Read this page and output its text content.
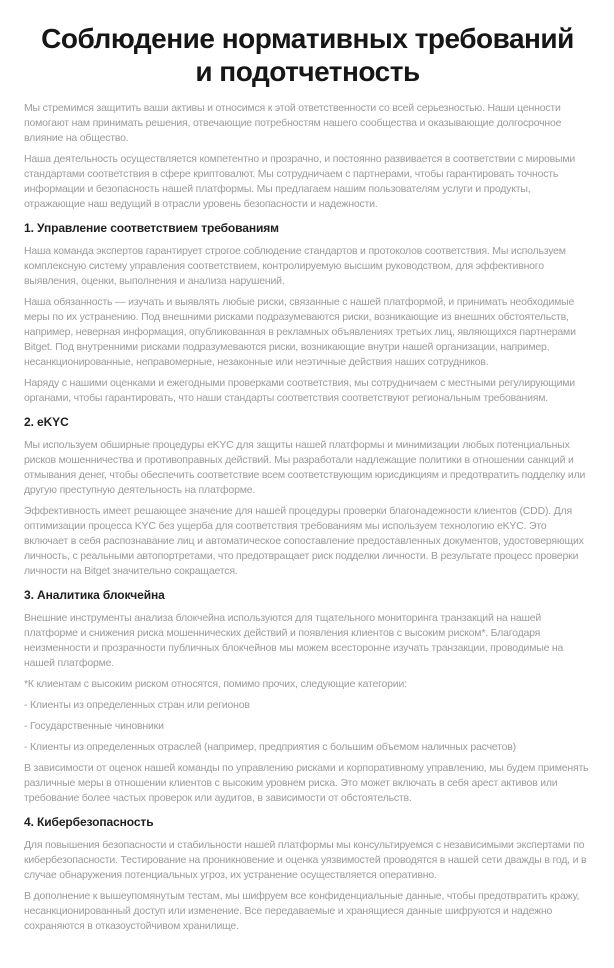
Соблюдение нормативных требований и подотчетность

Мы стремимся защитить ваши активы и относимся к этой ответственности со всей серьезностью. Наши ценности помогают нам принимать решения, отвечающие потребностям нашего сообщества и оказывающие долгосрочное влияние на общество.

Наша деятельность осуществляется компетентно и прозрачно, и постоянно развивается в соответствии с мировыми стандартами соответствия в сфере криптовалют. Мы сотрудничаем с партнерами, чтобы гарантировать точность информации и безопасность нашей платформы. Мы предлагаем нашим пользователям услуги и продукты, отражающие наш ведущий в отрасли уровень безопасности и надежности.

1. Управление соответствием требованиям

Наша команда экспертов гарантирует строгое соблюдение стандартов и протоколов соответствия. Мы используем комплексную систему управления соответствием, контролируемую высшим руководством, для эффективного выявления, оценки, выполнения и анализа нарушений.

Наша обязанность — изучать и выявлять любые риски, связанные с нашей платформой, и принимать необходимые меры по их устранению. Под внешними рисками подразумеваются риски, возникающие из внешних обстоятельств, например, неверная информация, опубликованная в рекламных объявлениях третьих лиц, являющихся партнерами Bitget. Под внутренними рисками подразумеваются риски, возникающие внутри нашей организации, например, несанкционированные, неправомерные, незаконные или неэтичные действия наших сотрудников.

Наряду с нашими оценками и ежегодными проверками соответствия, мы сотрудничаем с местными регулирующими органами, чтобы гарантировать, что наши стандарты соответствия соответствуют региональным требованиям.

2. eKYC

Мы используем обширные процедуры eKYC для защиты нашей платформы и минимизации любых потенциальных рисков мошенничества и противоправных действий. Мы разработали надлежащие политики в отношении санкций и отмывания денег, чтобы обеспечить соответствие всем соответствующим юрисдикциям и предотвратить подделку или другую преступную деятельность на платформе.

Эффективность имеет решающее значение для нашей процедуры проверки благонадежности клиентов (CDD). Для оптимизации процесса KYC без ущерба для соответствия требованиям мы используем технологию eKYC. Это включает в себя распознавание лиц и автоматическое сопоставление предоставленных документов, удостоверяющих личность, с реальными автопортретами, что предотвращает риск подделки личности. В результате процесс проверки личности на Bitget значительно сокращается.

3. Аналитика блокчейна

Внешние инструменты анализа блокчейна используются для тщательного мониторинга транзакций на нашей платформе и снижения риска мошеннических действий и появления клиентов с высоким риском*. Благодаря неизменности и прозрачности публичных блокчейнов мы можем всесторонне изучать транзакции, проводимые на нашей платформе.

*К клиентам с высоким риском относятся, помимо прочих, следующие категории:

- Клиенты из определенных стран или регионов

- Государственные чиновники

- Клиенты из определенных отраслей (например, предприятия с большим объемом наличных расчетов)

В зависимости от оценок нашей команды по управлению рисками и корпоративному управлению, мы будем применять различные меры в отношении клиентов с высоким уровнем риска. Это может включать в себя арест активов или требование более частых проверок или аудитов, в зависимости от обстоятельств.

4. Кибербезопасность

Для повышения безопасности и стабильности нашей платформы мы консультируемся с независимыми экспертами по кибербезопасности. Тестирование на проникновение и оценка уязвимостей проводятся в нашей сети дважды в год, и в случае обнаружения потенциальных угроз, их устранение осуществляется оперативно.

В дополнение к вышеупомянутым тестам, мы шифруем все конфиденциальные данные, чтобы предотвратить кражу, несанкционированный доступ или изменение. Все передаваемые и хранящиеся данные шифруются и надежно сохраняются в отказоустойчивом хранилище.
